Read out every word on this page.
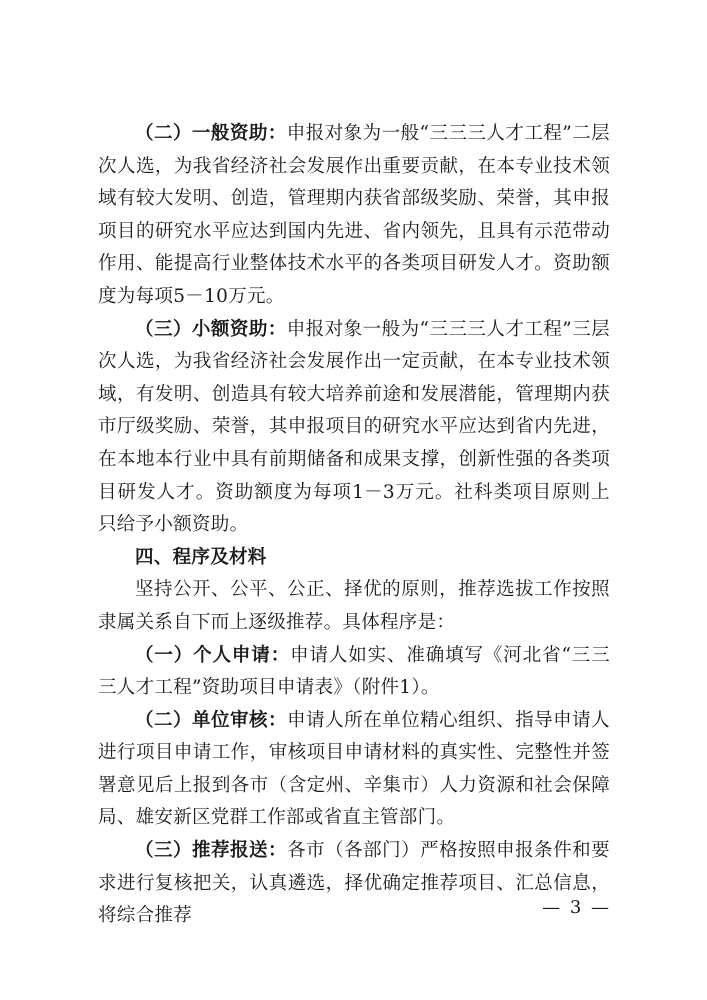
（二）一般资助：申报对象为一般“三三三人才工程”二层次人选，为我省经济社会发展作出重要贡献，在本专业技术领域有较大发明、创造，管理期内获省部级奖励、荣誉，其申报项目的研究水平应达到国内先进、省内领先，且具有示范带动作用、能提高行业整体技术水平的各类项目研发人才。资助额度为每项5－10万元。

（三）小额资助：申报对象一般为“三三三人才工程”三层次人选，为我省经济社会发展作出一定贡献，在本专业技术领域，有发明、创造具有较大培养前途和发展潜能，管理期内获市厅级奖励、荣誉，其申报项目的研究水平应达到省内先进，在本地本行业中具有前期储备和成果支撑，创新性强的各类项目研发人才。资助额度为每项1－3万元。社科类项目原则上只给予小额资助。

四、程序及材料

坚持公开、公平、公正、择优的原则，推荐选拔工作按照隶属关系自下而上逐级推荐。具体程序是：

（一）个人申请：申请人如实、准确填写《河北省“三三三人才工程”资助项目申请表》（附件1）。

（二）单位审核：申请人所在单位精心组织、指导申请人进行项目申请工作，审核项目申请材料的真实性、完整性并签署意见后上报到各市（含定州、辛集市）人力资源和社会保障局、雄安新区党群工作部或省直主管部门。

（三）推荐报送：各市（各部门）严格按照申报条件和要求进行复核把关，认真遴选，择优确定推荐项目、汇总信息，将综合推荐	— 3 —
